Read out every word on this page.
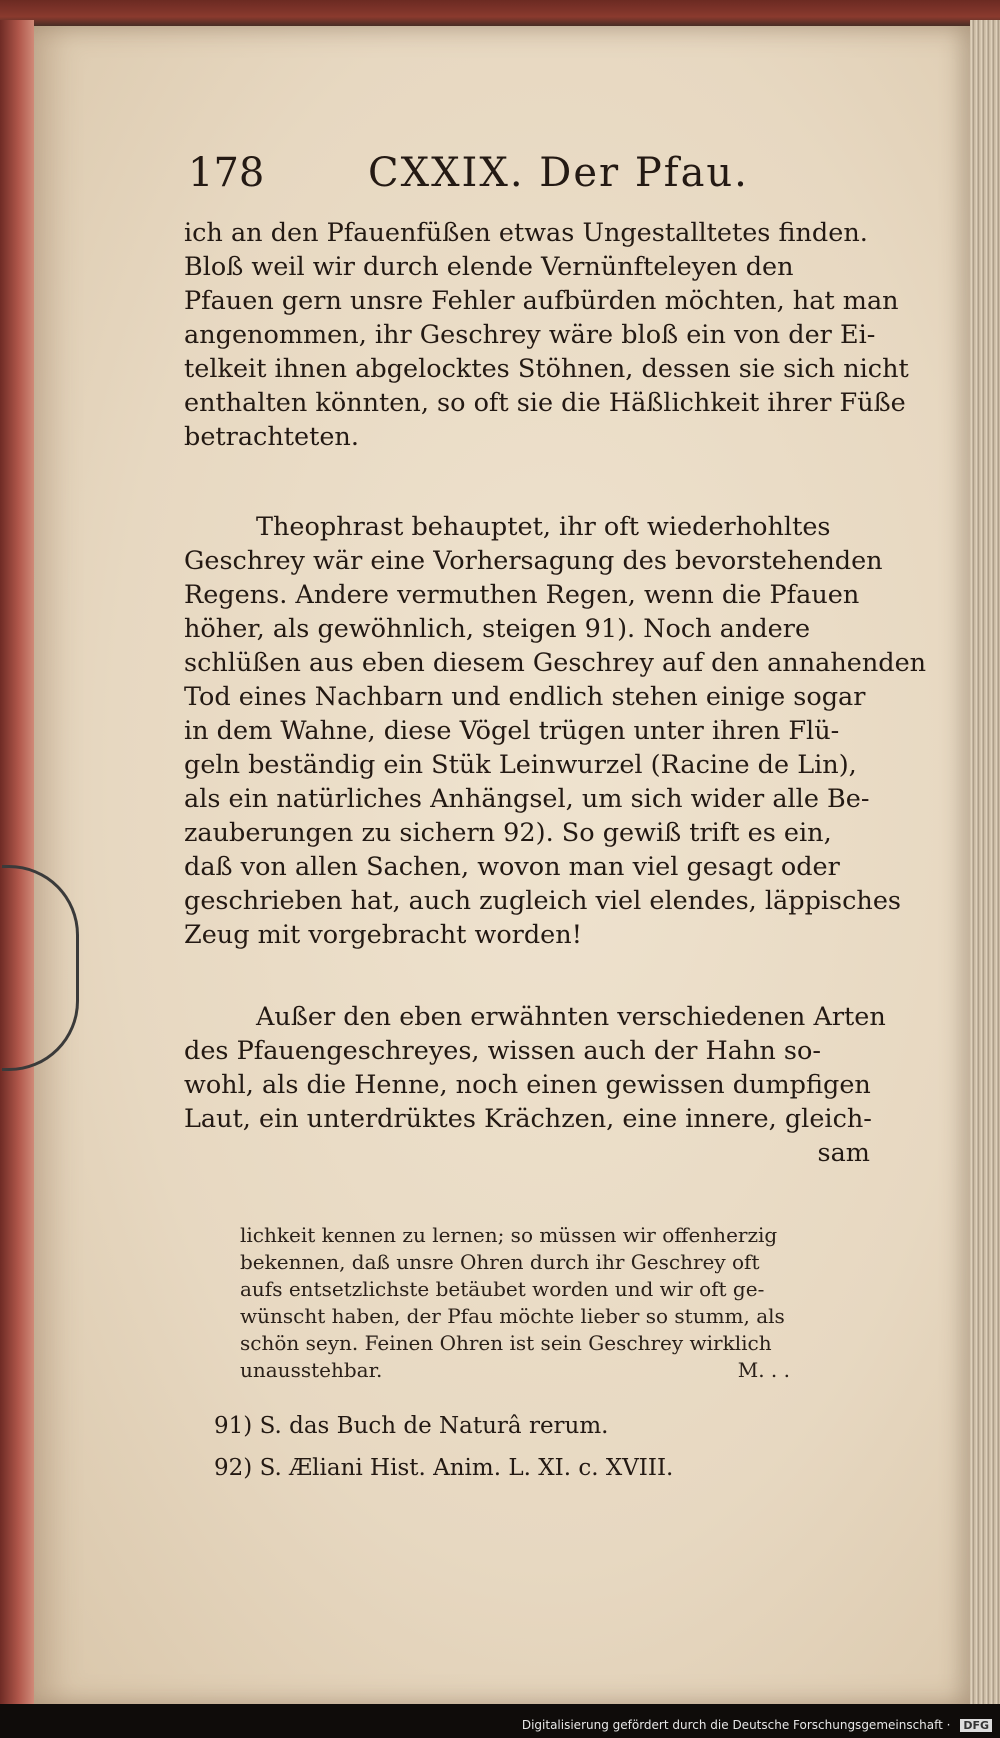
178	CXXIX. Der Pfau.
ich an den Pfauenfüßen etwas Ungestalltetes finden.
Bloß weil wir durch elende Vernünfteleyen den
Pfauen gern unsre Fehler aufbürden möchten, hat man
angenommen, ihr Geschrey wäre bloß ein von der Ei-
telkeit ihnen abgelocktes Stöhnen, dessen sie sich nicht
enthalten könnten, so oft sie die Häßlichkeit ihrer Füße
betrachteten.
Theophrast behauptet, ihr oft wiederhohltes
Geschrey wär eine Vorhersagung des bevorstehenden
Regens. Andere vermuthen Regen, wenn die Pfauen
höher, als gewöhnlich, steigen 91). Noch andere
schlüßen aus eben diesem Geschrey auf den annahenden
Tod eines Nachbarn und endlich stehen einige sogar
in dem Wahne, diese Vögel trügen unter ihren Flü-
geln beständig ein Stük Leinwurzel (Racine de Lin),
als ein natürliches Anhängsel, um sich wider alle Be-
zauberungen zu sichern 92). So gewiß trift es ein,
daß von allen Sachen, wovon man viel gesagt oder
geschrieben hat, auch zugleich viel elendes, läppisches
Zeug mit vorgebracht worden!
Außer den eben erwähnten verschiedenen Arten
des Pfauengeschreyes, wissen auch der Hahn so-
wohl, als die Henne, noch einen gewissen dumpfigen
Laut, ein unterdrüktes Krächzen, eine innere, gleich-
sam
lichkeit kennen zu lernen; so müssen wir offenherzig
bekennen, daß unsre Ohren durch ihr Geschrey oft
aufs entsetzlichste betäubet worden und wir oft ge-
wünscht haben, der Pfau möchte lieber so stumm, als
schön seyn. Feinen Ohren ist sein Geschrey wirklich
unausstehbar.	M. . .
91) S. das Buch de Naturâ rerum.
92) S. Æliani Hist. Anim. L. XI. c. XVIII.
Digitalisierung gefördert durch die Deutsche Forschungsgemeinschaft · DFG
